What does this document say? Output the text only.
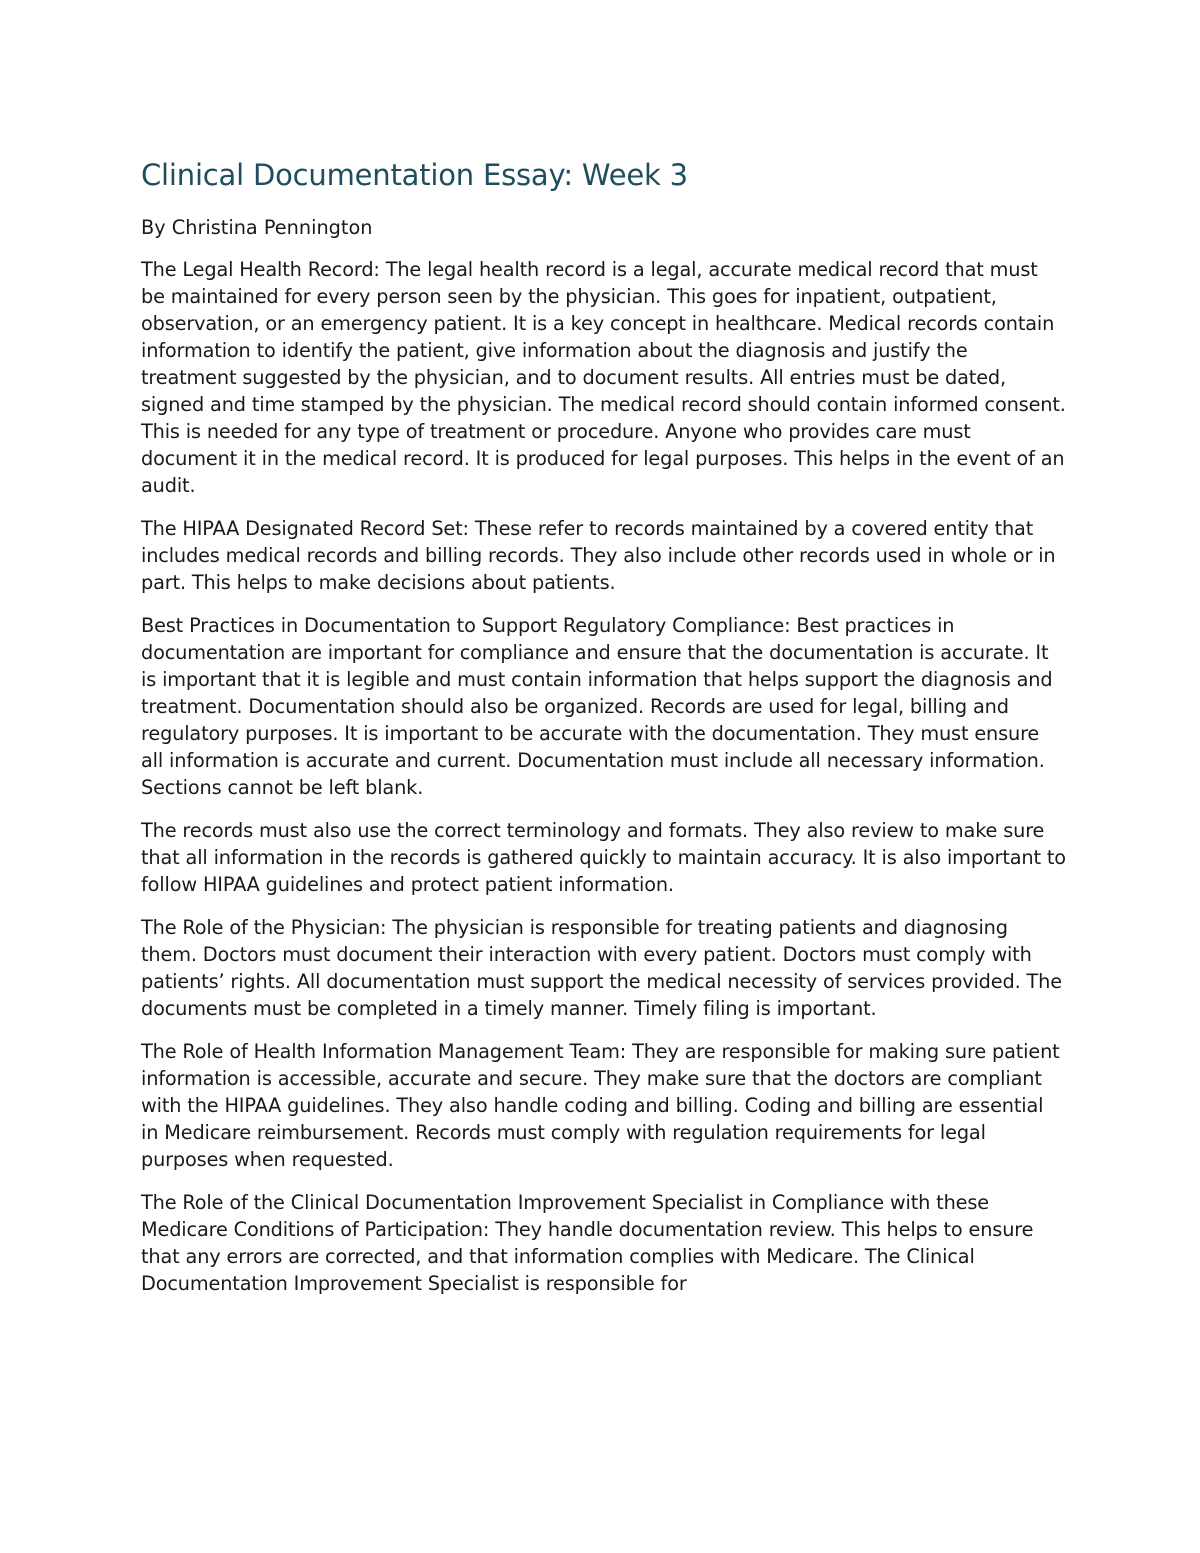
Clinical Documentation Essay: Week 3

By Christina Pennington

The Legal Health Record: The legal health record is a legal, accurate medical record that must be maintained for every person seen by the physician. This goes for inpatient, outpatient, observation, or an emergency patient. It is a key concept in healthcare. Medical records contain information to identify the patient, give information about the diagnosis and justify the treatment suggested by the physician, and to document results. All entries must be dated, signed and time stamped by the physician. The medical record should contain informed consent. This is needed for any type of treatment or procedure. Anyone who provides care must document it in the medical record. It is produced for legal purposes. This helps in the event of an audit.

The HIPAA Designated Record Set: These refer to records maintained by a covered entity that includes medical records and billing records. They also include other records used in whole or in part. This helps to make decisions about patients.

Best Practices in Documentation to Support Regulatory Compliance: Best practices in documentation are important for compliance and ensure that the documentation is accurate. It is important that it is legible and must contain information that helps support the diagnosis and treatment. Documentation should also be organized. Records are used for legal, billing and regulatory purposes. It is important to be accurate with the documentation. They must ensure all information is accurate and current. Documentation must include all necessary information. Sections cannot be left blank.

The records must also use the correct terminology and formats. They also review to make sure that all information in the records is gathered quickly to maintain accuracy. It is also important to follow HIPAA guidelines and protect patient information.

The Role of the Physician: The physician is responsible for treating patients and diagnosing them. Doctors must document their interaction with every patient. Doctors must comply with patients’ rights. All documentation must support the medical necessity of services provided. The documents must be completed in a timely manner. Timely filing is important.

The Role of Health Information Management Team: They are responsible for making sure patient information is accessible, accurate and secure. They make sure that the doctors are compliant with the HIPAA guidelines. They also handle coding and billing. Coding and billing are essential in Medicare reimbursement. Records must comply with regulation requirements for legal purposes when requested.

The Role of the Clinical Documentation Improvement Specialist in Compliance with these Medicare Conditions of Participation: They handle documentation review. This helps to ensure that any errors are corrected, and that information complies with Medicare. The Clinical Documentation Improvement Specialist is responsible for
